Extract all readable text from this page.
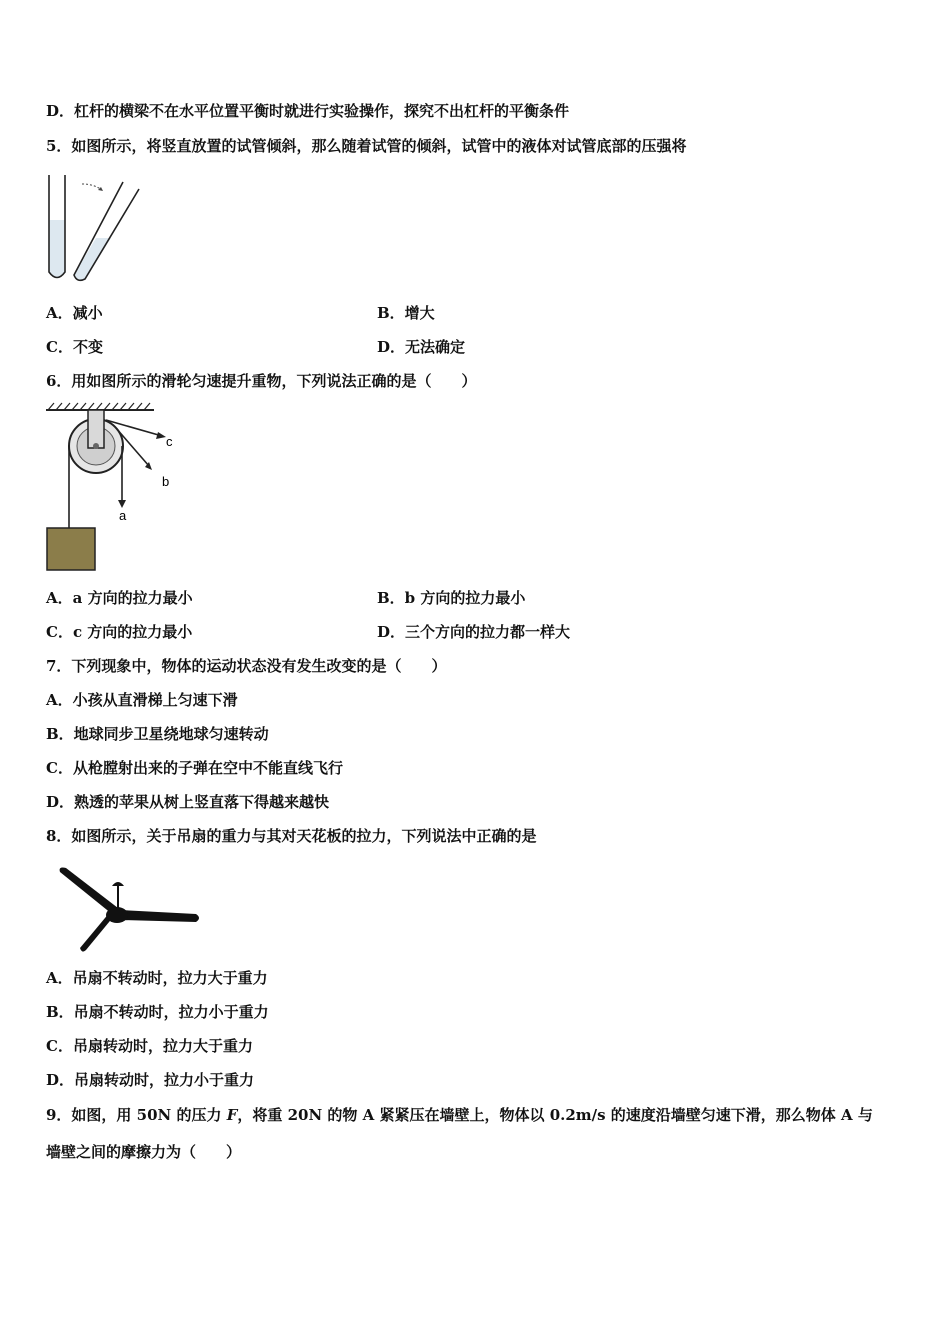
D．杠杆的横梁不在水平位置平衡时就进行实验操作，探究不出杠杆的平衡条件
5．如图所示，将竖直放置的试管倾斜，那么随着试管的倾斜，试管中的液体对试管底部的压强将
A．减小	B．增大
C．不变	D．无法确定
6．用如图所示的滑轮匀速提升重物，下列说法正确的是（　　）
a
b
c
A．a 方向的拉力最小	B．b 方向的拉力最小
C．c 方向的拉力最小	D．三个方向的拉力都一样大
7．下列现象中，物体的运动状态没有发生改变的是（　　）
A．小孩从直滑梯上匀速下滑
B．地球同步卫星绕地球匀速转动
C．从枪膛射出来的子弹在空中不能直线飞行
D．熟透的苹果从树上竖直落下得越来越快
8．如图所示，关于吊扇的重力与其对天花板的拉力，下列说法中正确的是
A．吊扇不转动时，拉力大于重力
B．吊扇不转动时，拉力小于重力
C．吊扇转动时，拉力大于重力
D．吊扇转动时，拉力小于重力
9．如图，用 50N 的压力 F，将重 20N 的物 A 紧紧压在墙壁上，物体以 0.2m/s 的速度沿墙壁匀速下滑，那么物体 A 与
墙壁之间的摩擦力为（　　）
